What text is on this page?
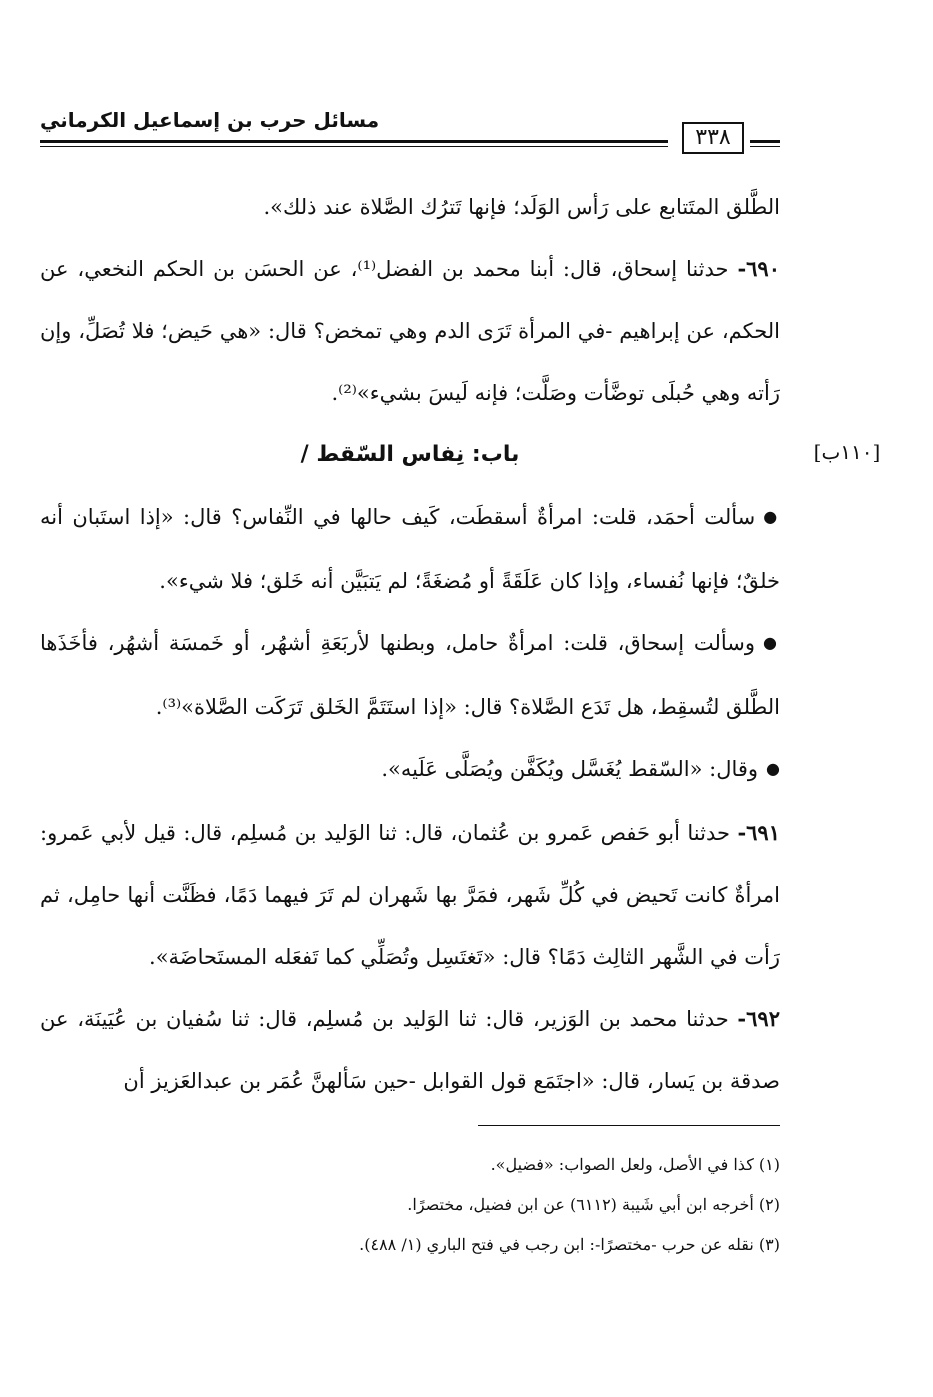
مسائل حرب بن إسماعيل الكرماني
٣٣٨
[١١٠ب]

الطَّلق المتَتابع على رَأس الوَلَد؛ فإنها تَترُك الصَّلاة عند ذلك».

٦٩٠- حدثنا إسحاق، قال: أبنا محمد بن الفضل⁽¹⁾، عن الحسَن بن الحكم النخعي، عن الحكم، عن إبراهيم -في المرأة تَرَى الدم وهي تمخض؟ قال: «هي حَيض؛ فلا تُصَلِّ، وإن رَأته وهي حُبلَى توضَّأت وصَلَّت؛ فإنه لَيسَ بشيء»⁽²⁾.

باب: نِفاس السّقط /

● سألت أحمَد، قلت: امرأةٌ أسقطَت، كَيف حالها في النِّفاس؟ قال: «إذا استَبان أنه خلقٌ؛ فإنها نُفساء، وإذا كان عَلَقَةً أو مُضغَةً؛ لم يَتبَيَّن أنه خَلق؛ فلا شيء».

● وسألت إسحاق، قلت: امرأةٌ حامل، وبطنها لأربَعَةِ أشهُر، أو خَمسَة أشهُر، فأخَذَها الطَّلق لتُسقِط، هل تَدَع الصَّلاة؟ قال: «إذا استَتَمَّ الخَلق تَرَكَت الصَّلاة»⁽³⁾.

● وقال: «السّقط يُغَسَّل ويُكَفَّن ويُصَلَّى عَلَيه».

٦٩١- حدثنا أبو حَفص عَمرو بن عُثمان، قال: ثنا الوَليد بن مُسلِم، قال: قيل لأبي عَمرو: امرأةٌ كانت تَحيض في كُلِّ شَهر، فمَرَّ بها شَهران لم تَرَ فيهما دَمًا، فظَنَّت أنها حامِل، ثم رَأت في الشَّهر الثالِث دَمًا؟ قال: «تَغتَسِل وتُصَلِّي كما تَفعَله المستَحاضَة».

٦٩٢- حدثنا محمد بن الوَزير، قال: ثنا الوَليد بن مُسلِم، قال: ثنا سُفيان بن عُيَينَة، عن صدقة بن يَسار، قال: «اجتَمَع قول القوابل -حين سَألهنَّ عُمَر بن عبدالعَزيز أن

(١) كذا في الأصل، ولعل الصواب: «فضيل».

(٢) أخرجه ابن أبي شَيبة (٦١١٢) عن ابن فضيل، مختصرًا.

(٣) نقله عن حرب -مختصرًا-: ابن رجب في فتح الباري (١/ ٤٨٨).
